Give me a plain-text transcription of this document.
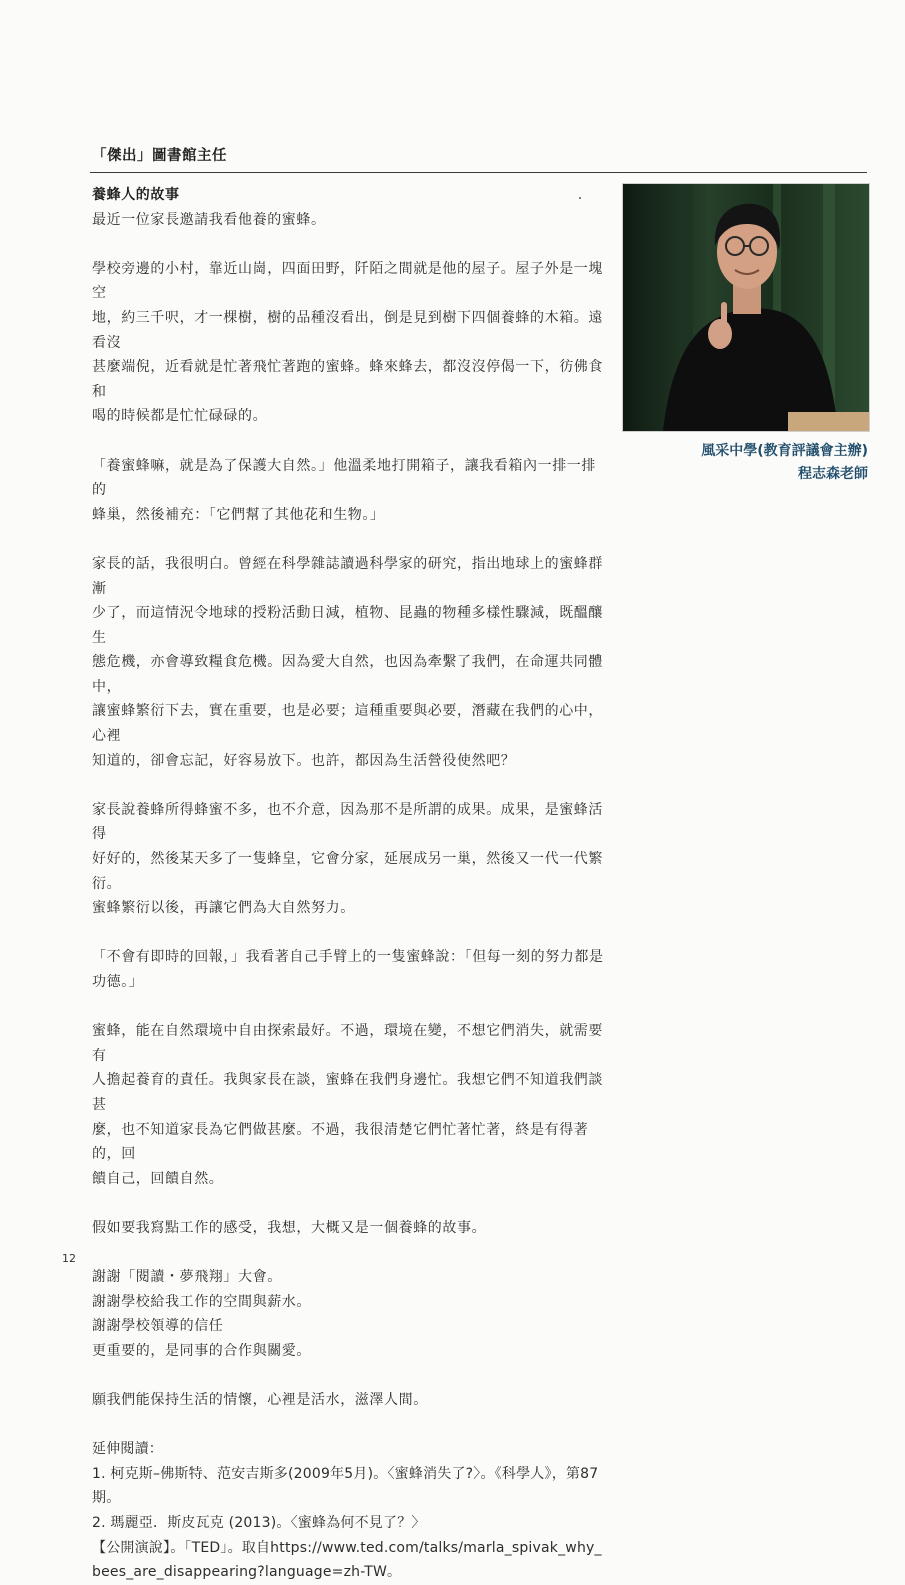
「傑出」圖書館主任
養蜂人的故事
最近一位家長邀請我看他養的蜜蜂。
學校旁邊的小村，靠近山崗，四面田野，阡陌之間就是他的屋子。屋子外是一塊空
地，約三千呎，才一棵樹，樹的品種沒看出，倒是見到樹下四個養蜂的木箱。遠看沒
甚麼端倪，近看就是忙著飛忙著跑的蜜蜂。蜂來蜂去，都沒沒停偈一下，彷佛食和
喝的時候都是忙忙碌碌的。
「養蜜蜂嘛，就是為了保護大自然。」他溫柔地打開箱子，讓我看箱內一排一排的
蜂巢，然後補充：「它們幫了其他花和生物。」
家長的話，我很明白。曾經在科學雜誌讀過科學家的研究，指出地球上的蜜蜂群漸
少了，而這情況令地球的授粉活動日減，植物、昆蟲的物種多樣性驟減，既醞釀生
態危機，亦會導致糧食危機。因為愛大自然，也因為牽繫了我們，在命運共同體中，
讓蜜蜂繁衍下去，實在重要，也是必要；這種重要與必要，潛藏在我們的心中，心裡
知道的，卻會忘記，好容易放下。也許，都因為生活營役使然吧？
家長說養蜂所得蜂蜜不多，也不介意，因為那不是所謂的成果。成果，是蜜蜂活得
好好的，然後某天多了一隻蜂皇，它會分家，延展成另一巢，然後又一代一代繁衍。
蜜蜂繁衍以後，再讓它們為大自然努力。
「不會有即時的回報，」我看著自己手臂上的一隻蜜蜂說：「但每一刻的努力都是
功德。」
蜜蜂，能在自然環境中自由探索最好。不過，環境在變，不想它們消失，就需要有
人擔起養育的責任。我與家長在談，蜜蜂在我們身邊忙。我想它們不知道我們談甚
麼，也不知道家長為它們做甚麼。不過，我很清楚它們忙著忙著，終是有得著的，回
饋自己，回饋自然。
假如要我寫點工作的感受，我想，大概又是一個養蜂的故事。
謝謝「閱讀・夢飛翔」大會。
謝謝學校給我工作的空間與薪水。
謝謝學校領導的信任
更重要的，是同事的合作與關愛。
願我們能保持生活的情懷，心裡是活水，滋澤人間。
延伸閱讀：
1. 柯克斯–佛斯特、范安吉斯多(2009年5月)。〈蜜蜂消失了?〉。《科學人》，第87期。
2. 瑪麗亞．斯皮瓦克 (2013)。〈蜜蜂為何不見了？〉
【公開演說】。「TED」。取自https://www.ted.com/talks/marla_spivak_why_
bees_are_disappearing?language=zh-TW。
風采中學(教育評議會主辦)
程志森老師
12
